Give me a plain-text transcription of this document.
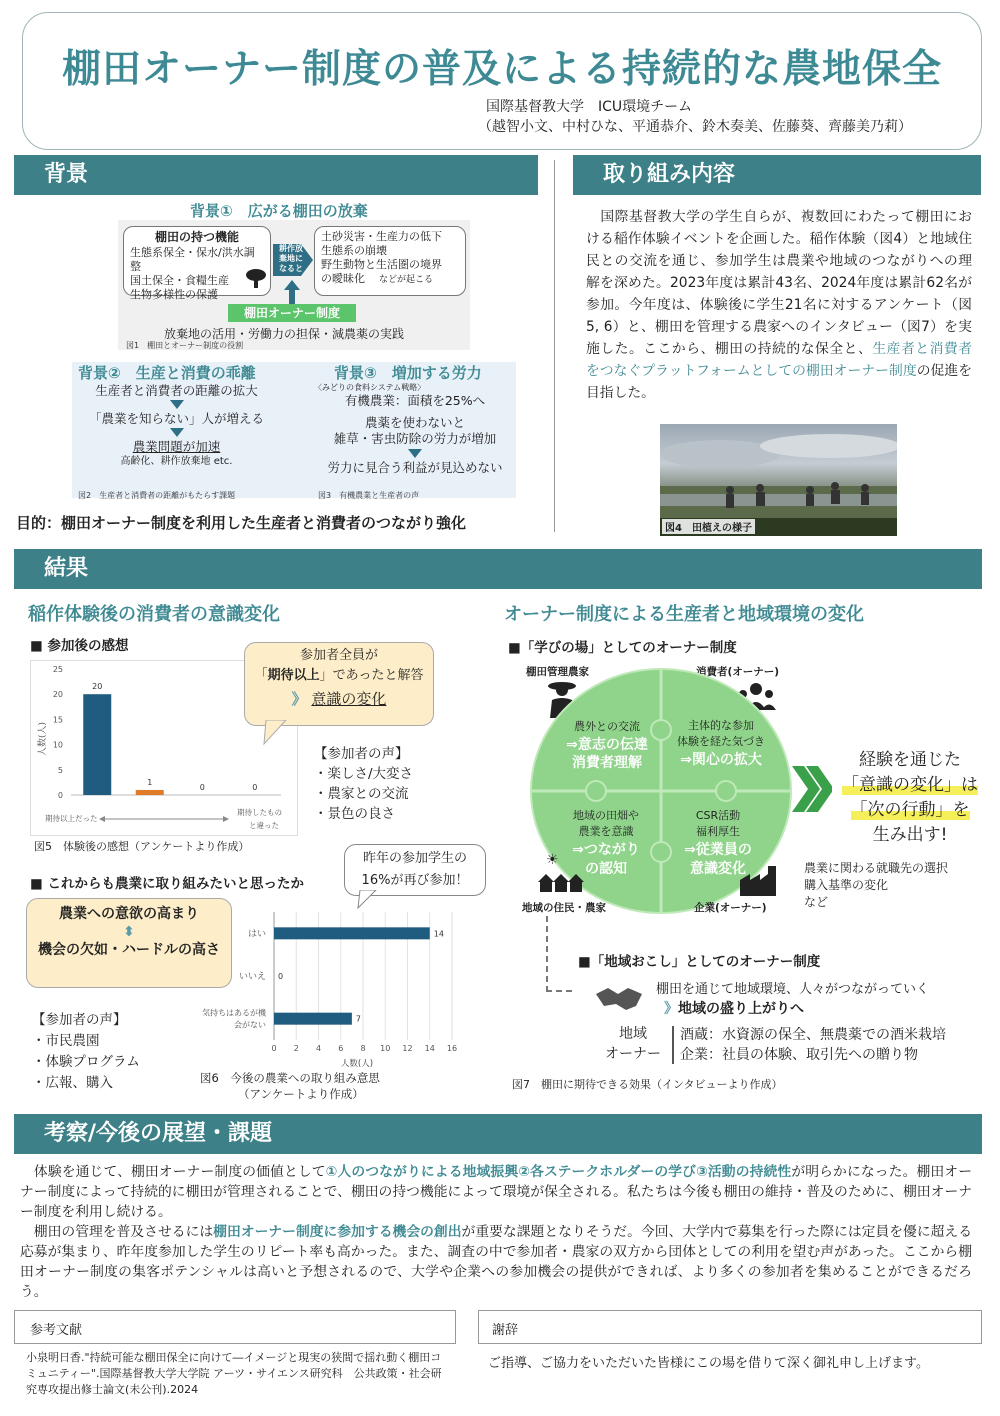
棚田オーナー制度の普及による持続的な農地保全
国際基督教大学　ICU環境チーム
（越智小文、中村ひな、平通恭介、鈴木奏美、佐藤葵、齊藤美乃莉）
背景
背景①　広がる棚田の放棄
棚田の持つ機能
生態系保全・保水/洪水調整
国土保全・食糧生産
生物多様性の保護
耕作放棄地になると
土砂災害・生産力の低下
生態系の崩壊
野生動物と生活圏の境界
の曖昧化 などが起こる
棚田オーナー制度
放棄地の活用・労働力の担保・減農薬の実践
図1　棚田とオーナー制度の役割
背景②　生産と消費の乖離
生産者と消費者の距離の拡大
「農業を知らない」人が増える
農業問題が加速
高齢化、耕作放棄地 etc.
図2　生産者と消費者の距離がもたらす課題
背景③　増加する労力
〈みどりの食料システム戦略〉
有機農業：面積を25%へ
農薬を使わないと
雑草・害虫防除の労力が増加
労力に見合う利益が見込めない
図3　有機農業と生産者の声
目的：棚田オーナー制度を利用した生産者と消費者のつながり強化
取り組み内容
　国際基督教大学の学生自らが、複数回にわたって棚田における稲作体験イベントを企画した。稲作体験（図4）と地域住民との交流を通じ、参加学生は農業や地域のつながりへの理解を深めた。2023年度は累計43名、2024年度は累計62名が参加。今年度は、体験後に学生21名に対するアンケート（図5, 6）と、棚田を管理する農家へのインタビュー（図7）を実施した。ここから、棚田の持続的な保全と、生産者と消費者をつなぐプラットフォームとしての棚田オーナー制度の促進を目指した。
図4　田植えの様子
結果
稲作体験後の消費者の意識変化
■ 参加後の感想
0
5
10
15
20
25
人数(人)
20
1
0	0
期待以上だった
期待したもの
と違った
参加者全員が
「期待以上」であったと解答
》 意識の変化
【参加者の声】
・楽しさ/大変さ
・農家との交流
・景色の良さ
図5　体験後の感想（アンケートより作成）
■ これからも農業に取り組みたいと思ったか
昨年の参加学生の
16%が再び参加！
農業への意欲の高まり
⬍
機会の欠如・ハードルの高さ
【参加者の声】
・市民農園
・体験プログラム
・広報、購入
0 2 4 6 8 10 12 14 16
人数(人)
14
はい
0
いいえ
7
気持ちはあるが機
会がない
図6　今後の農業への取り組み意思
（アンケートより作成）
オーナー制度による生産者と地域環境の変化
■「学びの場」としてのオーナー制度
棚田管理農家	消費者(オーナー)
農外との交流
⇒意志の伝達
消費者理解
主体的な参加
体験を経た気づき
⇒関心の拡大
地域の田畑や
農業を意識
⇒つながり
の認知
CSR活動
福利厚生
⇒従業員の
意識変化
☀
地域の住民・農家	企業(オーナー)
経験を通じた
「意識の変化」は
「次の行動」を
生み出す!
農業に関わる就職先の選択
購入基準の変化
など
■「地域おこし」としてのオーナー制度
棚田を通じて地域環境、人々がつながっていく
》地域の盛り上がりへ
地域
オーナー
酒蔵：水資源の保全、無農薬での酒米栽培
企業：社員の体験、取引先への贈り物
図7　棚田に期待できる効果（インタビューより作成）
考察/今後の展望・課題
　体験を通じて、棚田オーナー制度の価値として①人のつながりによる地域振興②各ステークホルダーの学び③活動の持続性が明らかになった。棚田オーナー制度によって持続的に棚田が管理されることで、棚田の持つ機能によって環境が保全される。私たちは今後も棚田の維持・普及のために、棚田オーナー制度を利用し続ける。
　棚田の管理を普及させるには棚田オーナー制度に参加する機会の創出が重要な課題となりそうだ。今回、大学内で募集を行った際には定員を優に超える応募が集まり、昨年度参加した学生のリピート率も高かった。また、調査の中で参加者・農家の双方から団体としての利用を望む声があった。ここから棚田オーナー制度の集客ポテンシャルは高いと予想されるので、大学や企業への参加機会の提供ができれば、より多くの参加者を集めることができるだろう。
参考文献
小泉明日香."持続可能な棚田保全に向けて―イメージと現実の狭間で揺れ動く棚田コミュニティー".国際基督教大学大学院 アーツ・サイエンス研究科　公共政策・社会研究専攻提出修士論文(未公刊).2024
謝辞
ご指導、ご協力をいただいた皆様にこの場を借りて深く御礼申し上げます。
